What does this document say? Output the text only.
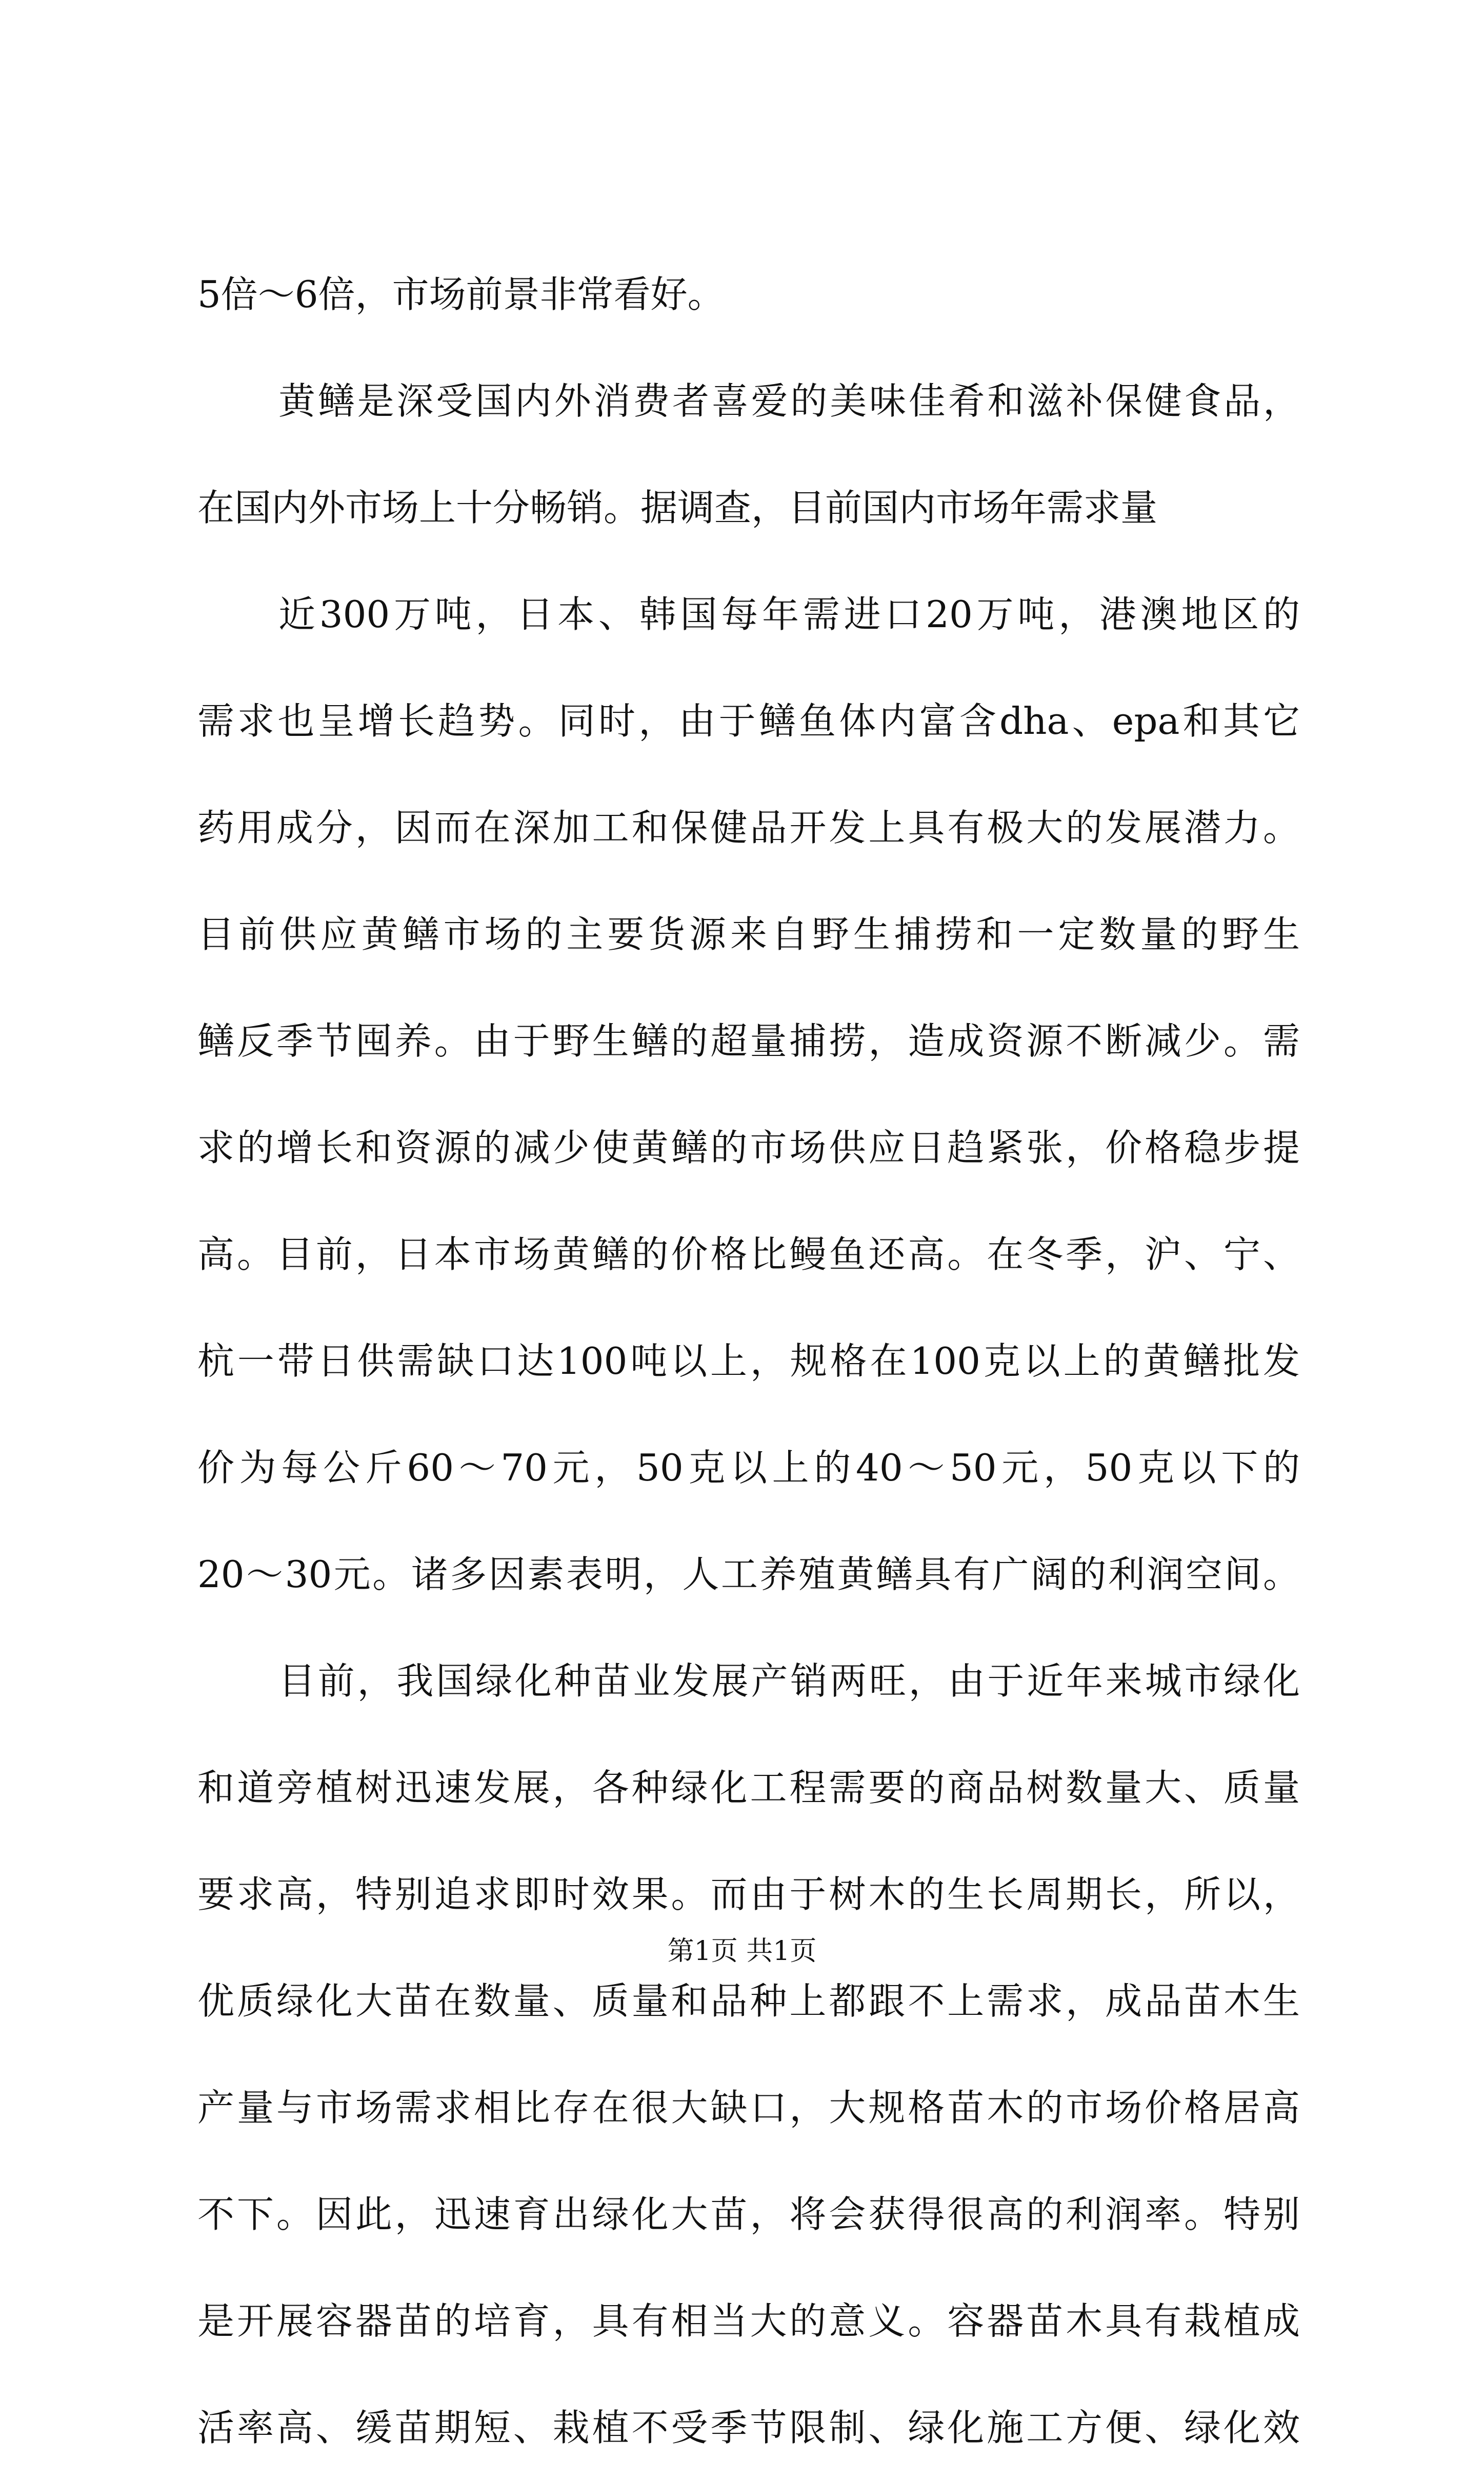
5倍～6倍，市场前景非常看好。
黄鳝是深受国内外消费者喜爱的美味佳肴和滋补保健食品，
在国内外市场上十分畅销。据调查，目前国内市场年需求量
近300万吨，日本、韩国每年需进口20万吨，港澳地区的
需求也呈增长趋势。同时，由于鳝鱼体内富含dha、epa和其它
药用成分，因而在深加工和保健品开发上具有极大的发展潜力。
目前供应黄鳝市场的主要货源来自野生捕捞和一定数量的野生
鳝反季节囤养。由于野生鳝的超量捕捞，造成资源不断减少。需
求的增长和资源的减少使黄鳝的市场供应日趋紧张，价格稳步提
高。目前，日本市场黄鳝的价格比鳗鱼还高。在冬季，沪、宁、
杭一带日供需缺口达100吨以上，规格在100克以上的黄鳝批发
价为每公斤60～70元，50克以上的40～50元，50克以下的
20～30元。诸多因素表明，人工养殖黄鳝具有广阔的利润空间。
目前，我国绿化种苗业发展产销两旺，由于近年来城市绿化
和道旁植树迅速发展，各种绿化工程需要的商品树数量大、质量
要求高，特别追求即时效果。而由于树木的生长周期长，所以，
优质绿化大苗在数量、质量和品种上都跟不上需求，成品苗木生
产量与市场需求相比存在很大缺口，大规格苗木的市场价格居高
不下。因此，迅速育出绿化大苗，将会获得很高的利润率。特别
是开展容器苗的培育，具有相当大的意义。容器苗木具有栽植成
活率高、缓苗期短、栽植不受季节限制、绿化施工方便、绿化效
第1页 共1页
